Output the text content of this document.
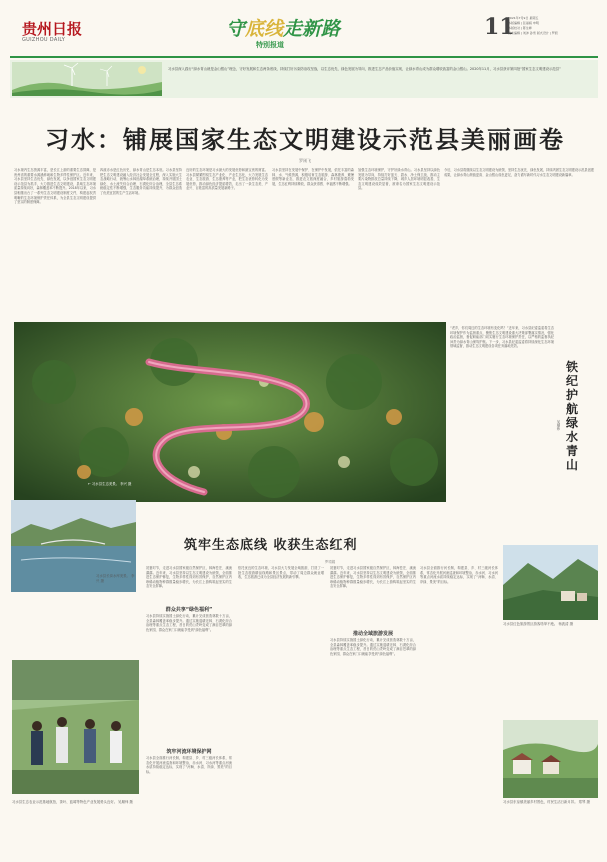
贵州日报
GUIZHOU DAILY	守底线走新路
特别报道
11
2021年7月9日 星期五
本版编辑 | 张丽娟 申明
本版校对 | 陈生晔
美术编辑 | 刘沛 孙雪 版式设计 | 罗毅
习水县深入践行“绿水青山就是金山银山”理念，守好发展和生态两条底线，持续打好污染防治攻坚战，以生态优先、绿色发展为导向，推进生态产品价值实现，让绿水青山成为群众增收致富的金山银山。2020年11月，习水县获评第四批“国家生态文明建设示范县”
习水：铺展国家生态文明建设示范县美丽画卷
罗刚飞
习水境内生态资源丰富，是长江上游的重要生态屏障，是贵州省的重要水源涵养地和生物多样性保护区。近年来，习水县坚持生态优先、绿色发展，以争创国家生态文明建设示范县为抓手，大力推进生态文明建设，县域生态环境质量持续向好，森林覆盖率不断提升。2018年以来，习水县相继出台了一系列生态文明建设制度文件，构建起权责明晰的生态环境保护责任体系，为全县生态文明建设提供了坚实的制度保障。
四渡赤水是红色历史，绿水青山是生态本底。习水县坚持把生态文明建设融入经济社会发展全过程，深入实施大生态战略行动，统筹山水林田湖草系统治理，持续开展国土绿化、水土流失综合治理、石漠化综合治理，全县生态系统稳定性不断增强，生态服务功能持续提升，为群众创造了优美宜居的生产生活环境。
良好的生态环境是习水最大的发展优势和最宝贵的财富。习水县紧紧围绕生态产业化、产业生态化，大力发展生态农业、生态旅游、生态康养等产业，把生态优势转化为发展优势，推动绿色经济提质增效，走出了一条生态美、产业兴、百姓富的高质量发展新路子。
习水县坚持在发展中保护、在保护中发展，依托丰富的森林、水、气候资源，积极培育生态旅游、森林康养、避暑度假等新业态，推进农文旅深度融合，乡村旅游蓬勃发展，生态红利持续释放，群众获得感、幸福感不断增强。
加强生态环境保护，守护好绿水青山。习水县坚持以绿色发展为导向，持续打好蓝天、碧水、净土保卫战，推动主要污染物排放总量持续下降，城乡人居环境明显改善，生态文明建设成效显著，被命名为国家生态文明建设示范县。
今后，习水县将继续以生态文明建设为统领，坚持生态优先、绿色发展，持续巩固生态文明建设示范县创建成果，让绿水青山颜值更高、金山银山成色更足，奋力谱写新时代习水生态文明建设新篇章。
← 习水县生态美景。 李兴 摄
“老乡，你们周边的生态环境有变化吗？”近年来，习水县纪委监委将生态环境保护作为监督重点，聚焦生态文明建设重大决策部署落实情况，强化政治监督，督促职能部门切实履行生态环境保护责任，以严格的监督执纪问责为绿水青山保驾护航。下一步，习水县纪委监委将持续深化生态环境领域监督，推动生态文明建设各项任务落地见效。
铁纪护航绿水青山
吴顺炜
习水县长岗水库美景。 李兴 摄
筑牢生态底线 收获生态红利
罗靖娟
初夏时节，走进习水县国家级自然保护区，林海苍茫、溪流潺潺。近年来，习水县坚持以生态文明建设为统领，全面推进生态保护修复，生物多样性得到有效保护，自然保护区内珍稀动植物种群数量稳步增长，为长江上游构筑起坚实的生态安全屏障。
群众共享“绿色福利”
习水县持续实施国土绿化行动，累计完成营造林数十万亩，全县森林覆盖率稳步提升。通过实施退耕还林、石漠化综合治理等重点生态工程，昔日的荒山秃岭变成了满目苍翠的绿色家园，群众在家门口就能享受到“绿色福利”。
筑牢河流环境保护网
习水县全面推行河长制，构建县、乡、村三级河长体系，常态化开展河流巡查和环境整治，赤水河、习水河等重点河流水质持续稳定达标，实现了“河畅、水清、岸绿、景美”的目标。
依托优良的生态环境，习水县大力发展全域旅游，打造了一批生态旅游精品线路和景区景点，带动了周边群众就业增收，生态旅游已成为全县经济发展的新引擎。
初夏时节，走进习水县国家级自然保护区，林海苍茫、溪流潺潺。近年来，习水县坚持以生态文明建设为统领，全面推进生态保护修复，生物多样性得到有效保护，自然保护区内珍稀动植物种群数量稳步增长，为长江上游构筑起坚实的生态安全屏障。
推动全域旅游发展
习水县持续实施国土绿化行动，累计完成营造林数十万亩，全县森林覆盖率稳步提升。通过实施退耕还林、石漠化综合治理等重点生态工程，昔日的荒山秃岭变成了满目苍翠的绿色家园，群众在家门口就能享受到“绿色福利”。
习水县全面推行河长制，构建县、乡、村三级河长体系，常态化开展河流巡查和环境整治，赤水河、习水河等重点河流水质持续稳定达标，实现了“河畅、水清、岸绿、景美”的目标。
习水县生态农业示范基地航拍，茶叶、蓝莓等特色产业发展势头良好。 吴顺炜 摄
习水县红色旅游景区游客络绎不绝。 杨波清 摄
习水县东皇镇美丽乡村景色，村民生活日新月异。 郑琴 摄
